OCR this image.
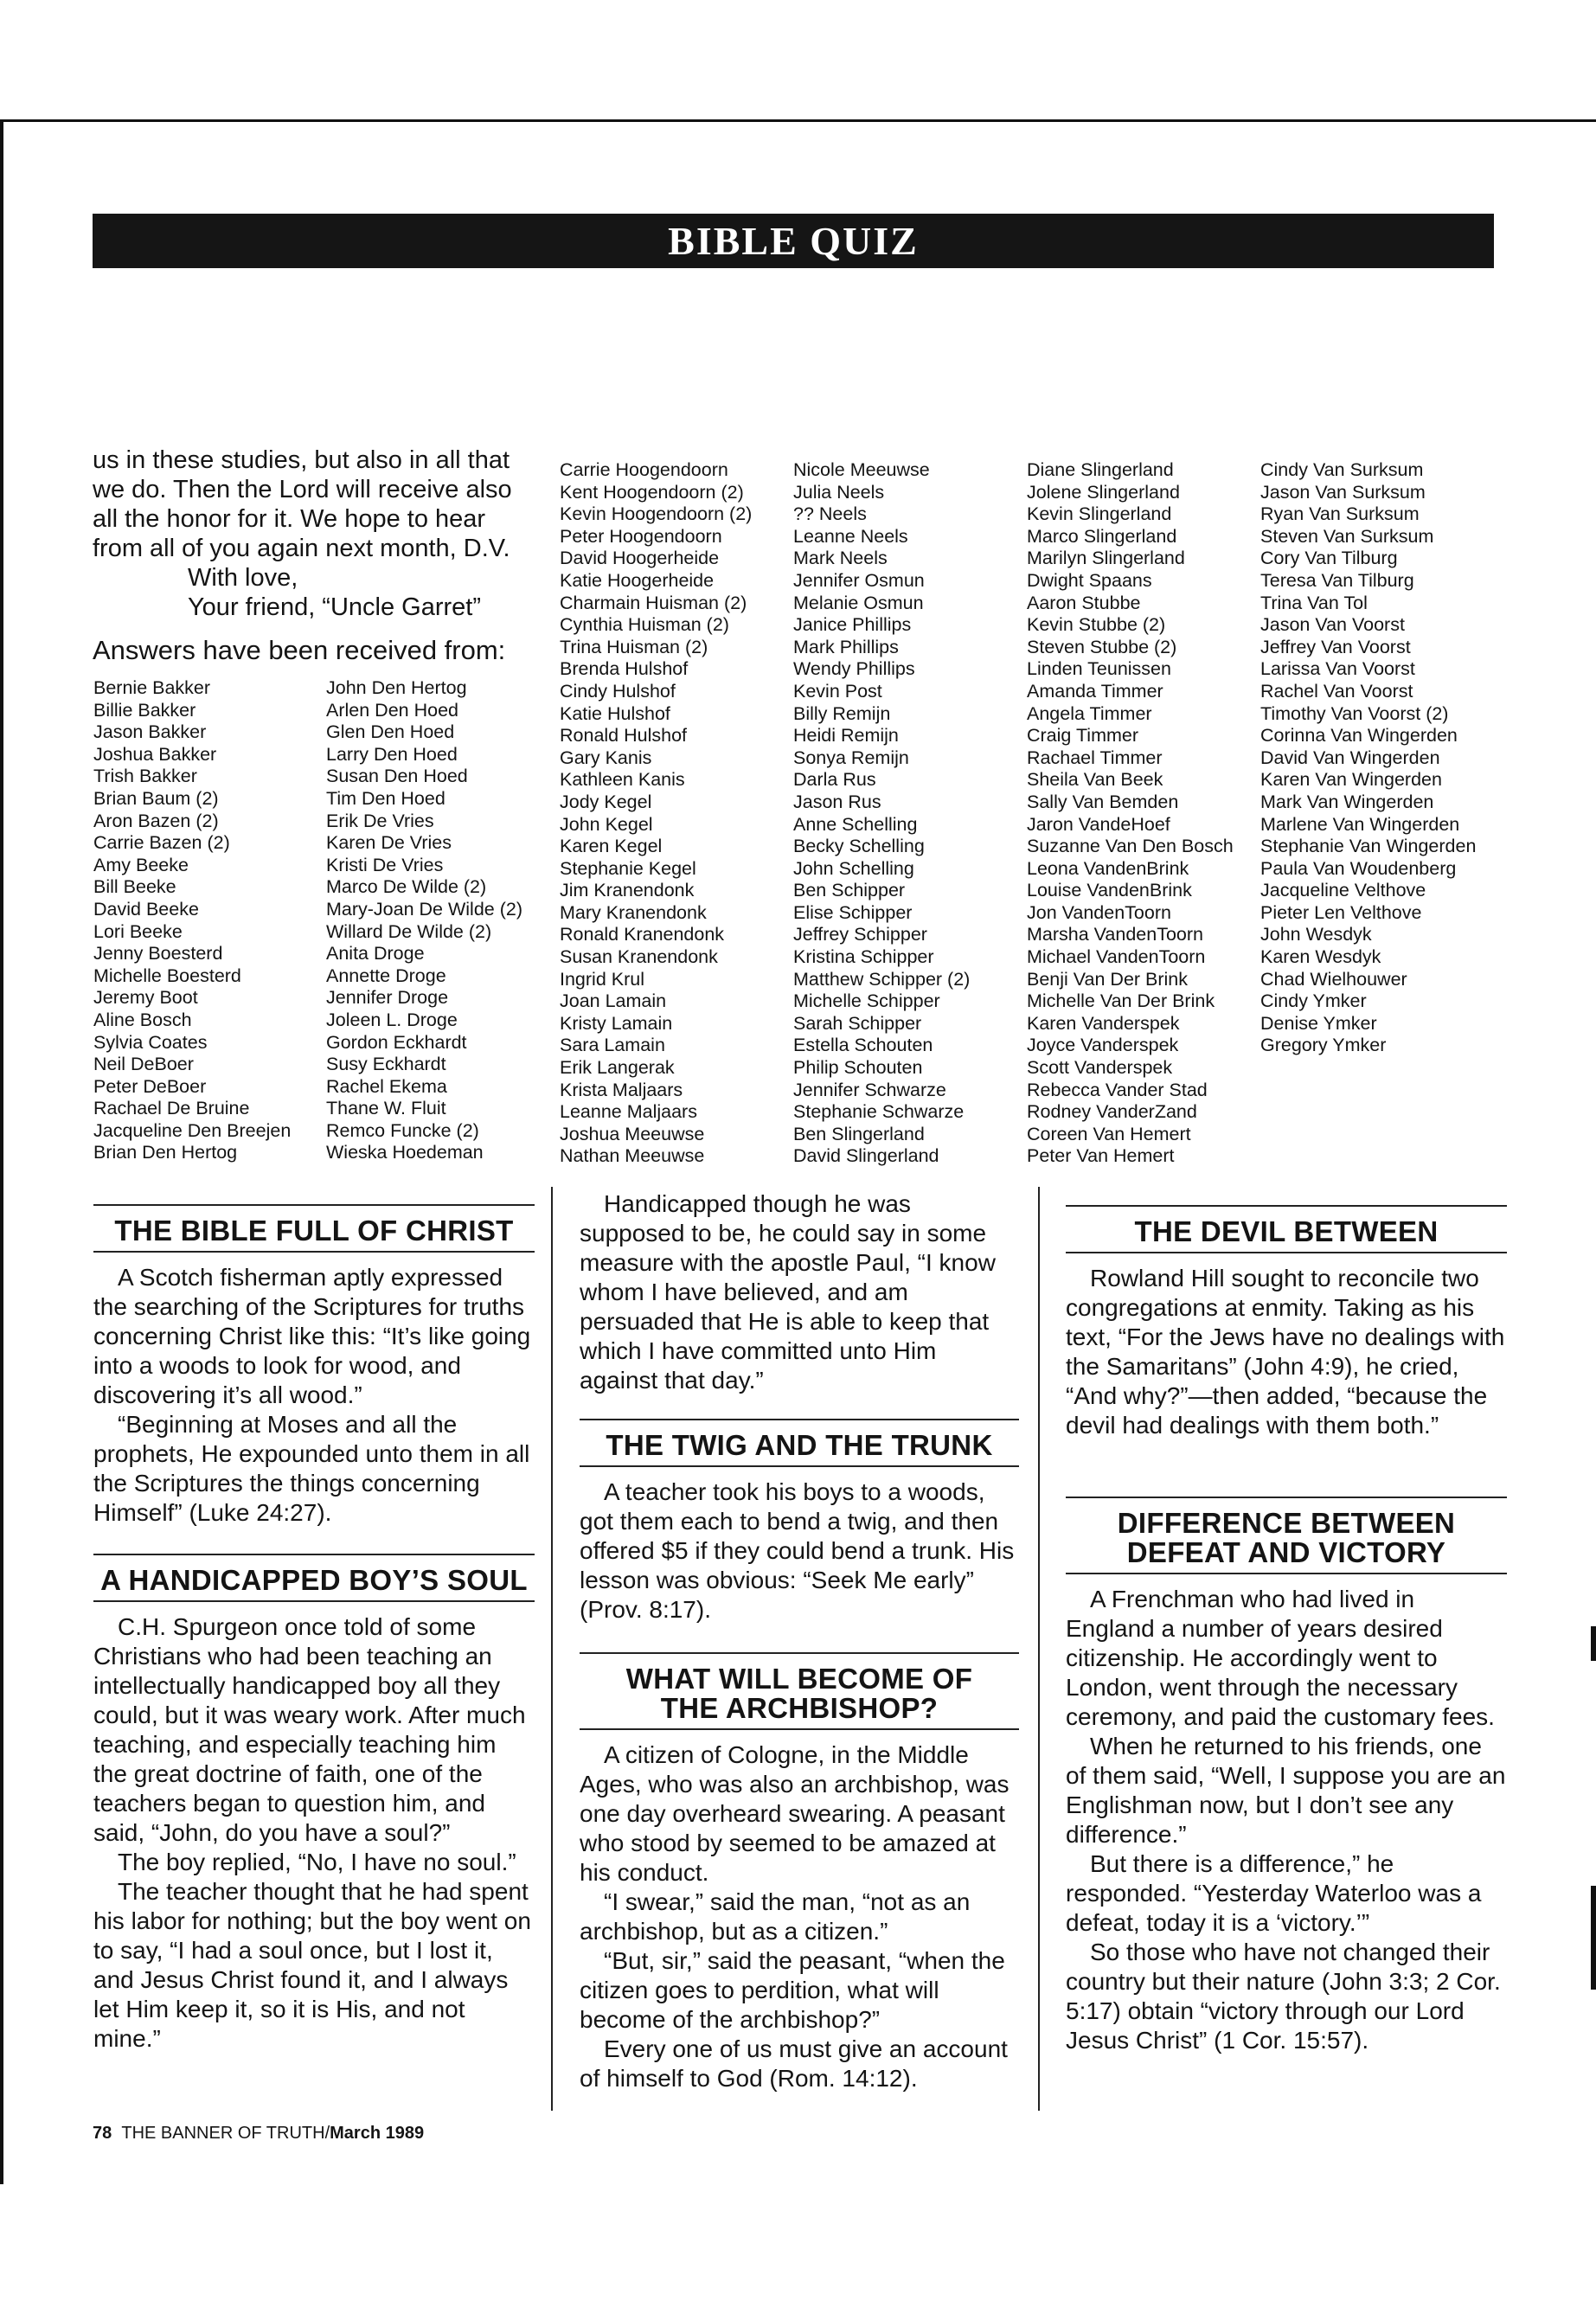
BIBLE QUIZ

us in these studies, but also in all that

we do. Then the Lord will receive also

all the honor for it. We hope to hear

from all of you again next month, D.V.

With love,

Your friend, “Uncle Garret”

Answers have been received from:
Bernie Bakker
Billie Bakker
Jason Bakker
Joshua Bakker
Trish Bakker
Brian Baum (2)
Aron Bazen (2)
Carrie Bazen (2)
Amy Beeke
Bill Beeke
David Beeke
Lori Beeke
Jenny Boesterd
Michelle Boesterd
Jeremy Boot
Aline Bosch
Sylvia Coates
Neil DeBoer
Peter DeBoer
Rachael De Bruine
Jacqueline Den Breejen
Brian Den Hertog
John Den Hertog
Arlen Den Hoed
Glen Den Hoed
Larry Den Hoed
Susan Den Hoed
Tim Den Hoed
Erik De Vries
Karen De Vries
Kristi De Vries
Marco De Wilde (2)
Mary-Joan De Wilde (2)
Willard De Wilde (2)
Anita Droge
Annette Droge
Jennifer Droge
Joleen L. Droge
Gordon Eckhardt
Susy Eckhardt
Rachel Ekema
Thane W. Fluit
Remco Funcke (2)
Wieska Hoedeman
Carrie Hoogendoorn
Kent Hoogendoorn (2)
Kevin Hoogendoorn (2)
Peter Hoogendoorn
David Hoogerheide
Katie Hoogerheide
Charmain Huisman (2)
Cynthia Huisman (2)
Trina Huisman (2)
Brenda Hulshof
Cindy Hulshof
Katie Hulshof
Ronald Hulshof
Gary Kanis
Kathleen Kanis
Jody Kegel
John Kegel
Karen Kegel
Stephanie Kegel
Jim Kranendonk
Mary Kranendonk
Ronald Kranendonk
Susan Kranendonk
Ingrid Krul
Joan Lamain
Kristy Lamain
Sara Lamain
Erik Langerak
Krista Maljaars
Leanne Maljaars
Joshua Meeuwse
Nathan Meeuwse
Nicole Meeuwse
Julia Neels
?? Neels
Leanne Neels
Mark Neels
Jennifer Osmun
Melanie Osmun
Janice Phillips
Mark Phillips
Wendy Phillips
Kevin Post
Billy Remijn
Heidi Remijn
Sonya Remijn
Darla Rus
Jason Rus
Anne Schelling
Becky Schelling
John Schelling
Ben Schipper
Elise Schipper
Jeffrey Schipper
Kristina Schipper
Matthew Schipper (2)
Michelle Schipper
Sarah Schipper
Estella Schouten
Philip Schouten
Jennifer Schwarze
Stephanie Schwarze
Ben Slingerland
David Slingerland
Diane Slingerland
Jolene Slingerland
Kevin Slingerland
Marco Slingerland
Marilyn Slingerland
Dwight Spaans
Aaron Stubbe
Kevin Stubbe (2)
Steven Stubbe (2)
Linden Teunissen
Amanda Timmer
Angela Timmer
Craig Timmer
Rachael Timmer
Sheila Van Beek
Sally Van Bemden
Jaron VandeHoef
Suzanne Van Den Bosch
Leona VandenBrink
Louise VandenBrink
Jon VandenToorn
Marsha VandenToorn
Michael VandenToorn
Benji Van Der Brink
Michelle Van Der Brink
Karen Vanderspek
Joyce Vanderspek
Scott Vanderspek
Rebecca Vander Stad
Rodney VanderZand
Coreen Van Hemert
Peter Van Hemert
Cindy Van Surksum
Jason Van Surksum
Ryan Van Surksum
Steven Van Surksum
Cory Van Tilburg
Teresa Van Tilburg
Trina Van Tol
Jason Van Voorst
Jeffrey Van Voorst
Larissa Van Voorst
Rachel Van Voorst
Timothy Van Voorst (2)
Corinna Van Wingerden
David Van Wingerden
Karen Van Wingerden
Mark Van Wingerden
Marlene Van Wingerden
Stephanie Van Wingerden
Paula Van Woudenberg
Jacqueline Velthove
Pieter Len Velthove
John Wesdyk
Karen Wesdyk
Chad Wielhouwer
Cindy Ymker
Denise Ymker
Gregory Ymker
THE BIBLE FULL OF CHRIST

A Scotch fisherman aptly expressed the searching of the Scriptures for truths concerning Christ like this: “It’s like going into a woods to look for wood, and discovering it’s all wood.”

“Beginning at Moses and all the prophets, He expounded unto them in all the Scriptures the things concerning Himself” (Luke 24:27).

A HANDICAPPED BOY’S SOUL

C.H. Spurgeon once told of some Christians who had been teaching an intellectually handicapped boy all they could, but it was weary work. After much teaching, and especially teaching him the great doctrine of faith, one of the teachers began to question him, and said, “John, do you have a soul?”

The boy replied, “No, I have no soul.”

The teacher thought that he had spent his labor for nothing; but the boy went on to say, “I had a soul once, but I lost it, and Jesus Christ found it, and I always let Him keep it, so it is His, and not mine.”

Handicapped though he was supposed to be, he could say in some measure with the apostle Paul, “I know whom I have believed, and am persuaded that He is able to keep that which I have committed unto Him against that day.”

THE TWIG AND THE TRUNK

A teacher took his boys to a woods, got them each to bend a twig, and then offered $5 if they could bend a trunk. His lesson was obvious: “Seek Me early” (Prov. 8:17).

WHAT WILL BECOME OF
THE ARCHBISHOP?

A citizen of Cologne, in the Middle Ages, who was also an archbishop, was one day overheard swearing. A peasant who stood by seemed to be amazed at his conduct.

“I swear,” said the man, “not as an archbishop, but as a citizen.”

“But, sir,” said the peasant, “when the citizen goes to perdition, what will become of the archbishop?”

Every one of us must give an account of himself to God (Rom. 14:12).

THE DEVIL BETWEEN

Rowland Hill sought to reconcile two congregations at enmity. Taking as his text, “For the Jews have no dealings with the Samaritans” (John 4:9), he cried, “And why?”—then added, “because the devil had dealings with them both.”

DIFFERENCE BETWEEN
DEFEAT AND VICTORY

A Frenchman who had lived in England a number of years desired citizenship. He accordingly went to London, went through the necessary ceremony, and paid the customary fees.

When he returned to his friends, one of them said, “Well, I suppose you are an Englishman now, but I don’t see any difference.”

But there is a difference,” he responded. “Yesterday Waterloo was a defeat, today it is a ‘victory.’”

So those who have not changed their country but their nature (John 3:3; 2 Cor. 5:17) obtain “victory through our Lord Jesus Christ” (1 Cor. 15:57).

78 THE BANNER OF TRUTH/March 1989
